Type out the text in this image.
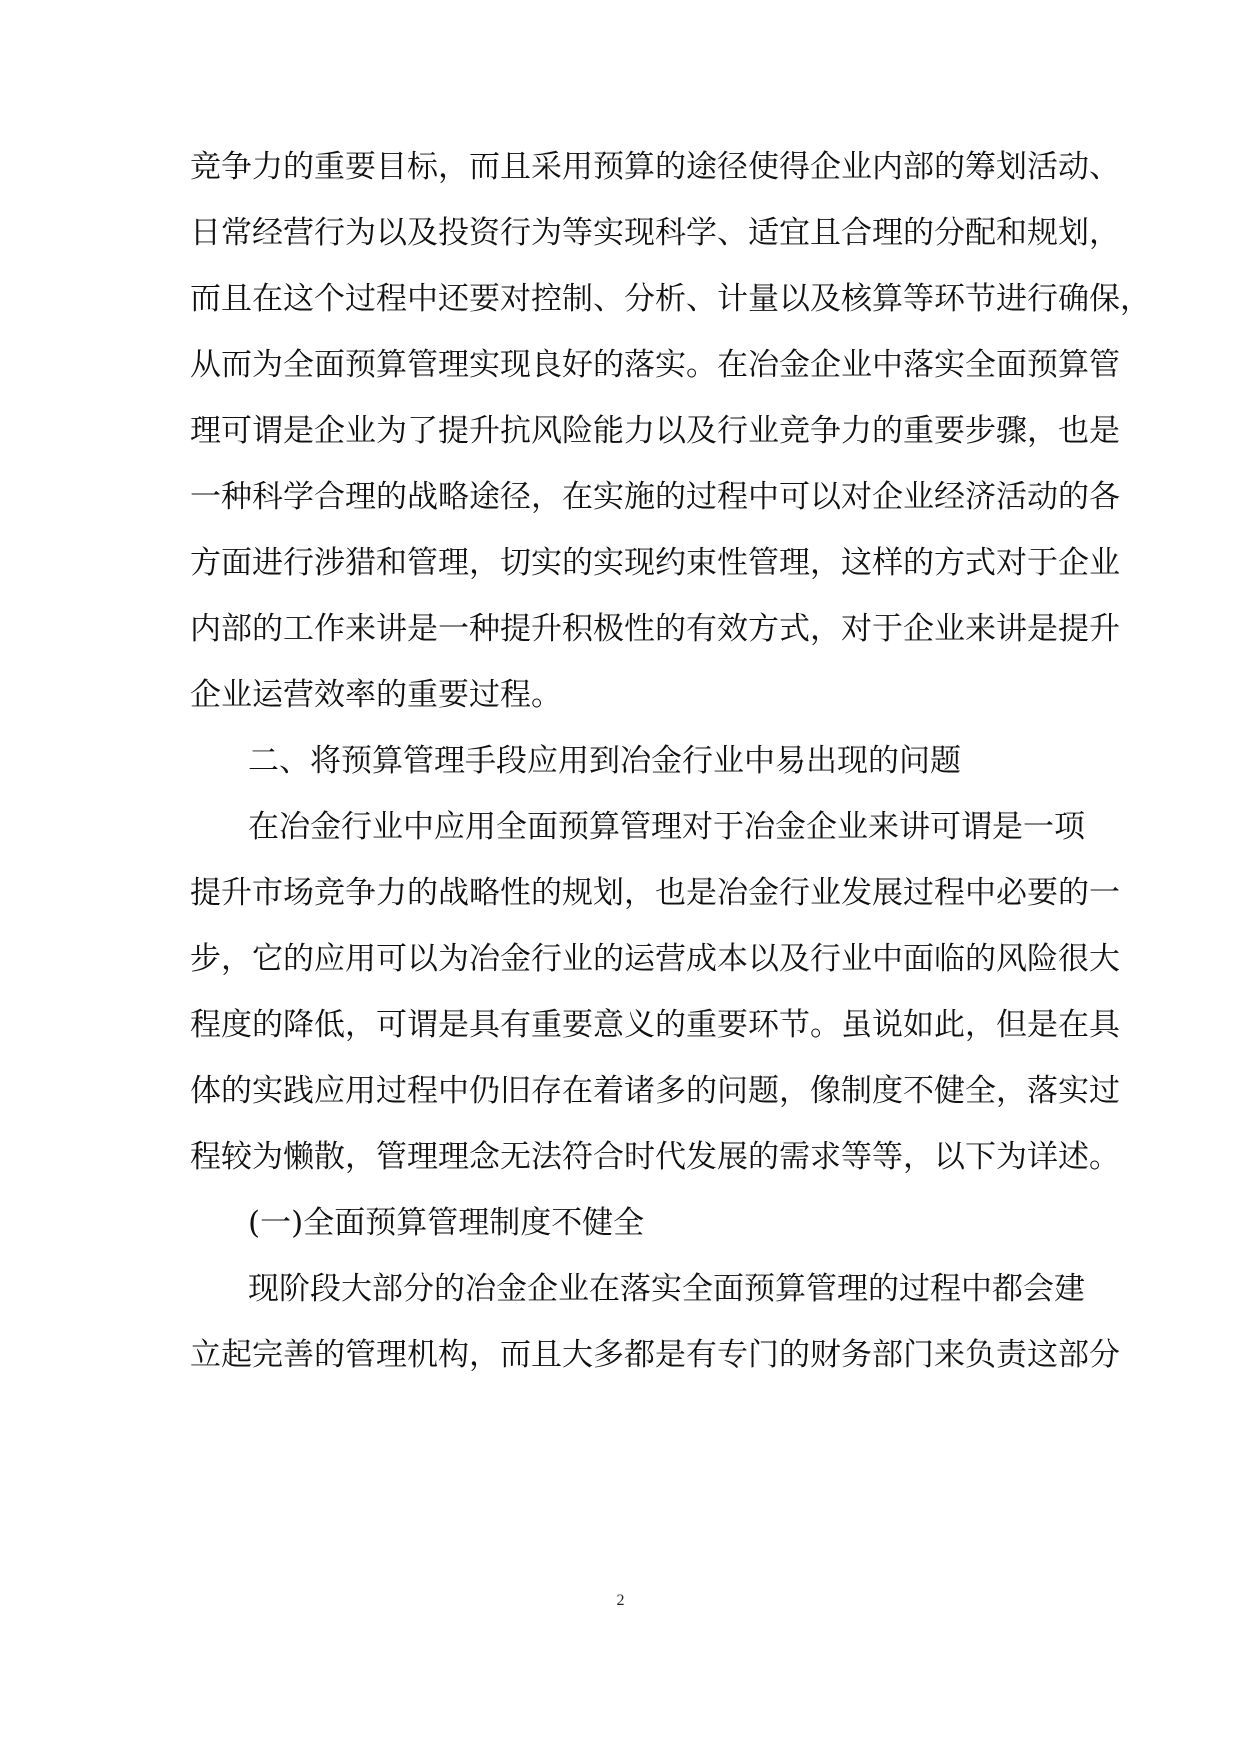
竞争力的重要目标，而且采用预算的途径使得企业内部的筹划活动、
日常经营行为以及投资行为等实现科学、适宜且合理的分配和规划，
而且在这个过程中还要对控制、分析、计量以及核算等环节进行确保，
从而为全面预算管理实现良好的落实。在冶金企业中落实全面预算管
理可谓是企业为了提升抗风险能力以及行业竞争力的重要步骤，也是
一种科学合理的战略途径，在实施的过程中可以对企业经济活动的各
方面进行涉猎和管理，切实的实现约束性管理，这样的方式对于企业
内部的工作来讲是一种提升积极性的有效方式，对于企业来讲是提升
企业运营效率的重要过程。
二、将预算管理手段应用到冶金行业中易出现的问题
在冶金行业中应用全面预算管理对于冶金企业来讲可谓是一项
提升市场竞争力的战略性的规划，也是冶金行业发展过程中必要的一
步，它的应用可以为冶金行业的运营成本以及行业中面临的风险很大
程度的降低，可谓是具有重要意义的重要环节。虽说如此，但是在具
体的实践应用过程中仍旧存在着诸多的问题，像制度不健全，落实过
程较为懒散，管理理念无法符合时代发展的需求等等，以下为详述。
(一)全面预算管理制度不健全
现阶段大部分的冶金企业在落实全面预算管理的过程中都会建
立起完善的管理机构，而且大多都是有专门的财务部门来负责这部分
2
